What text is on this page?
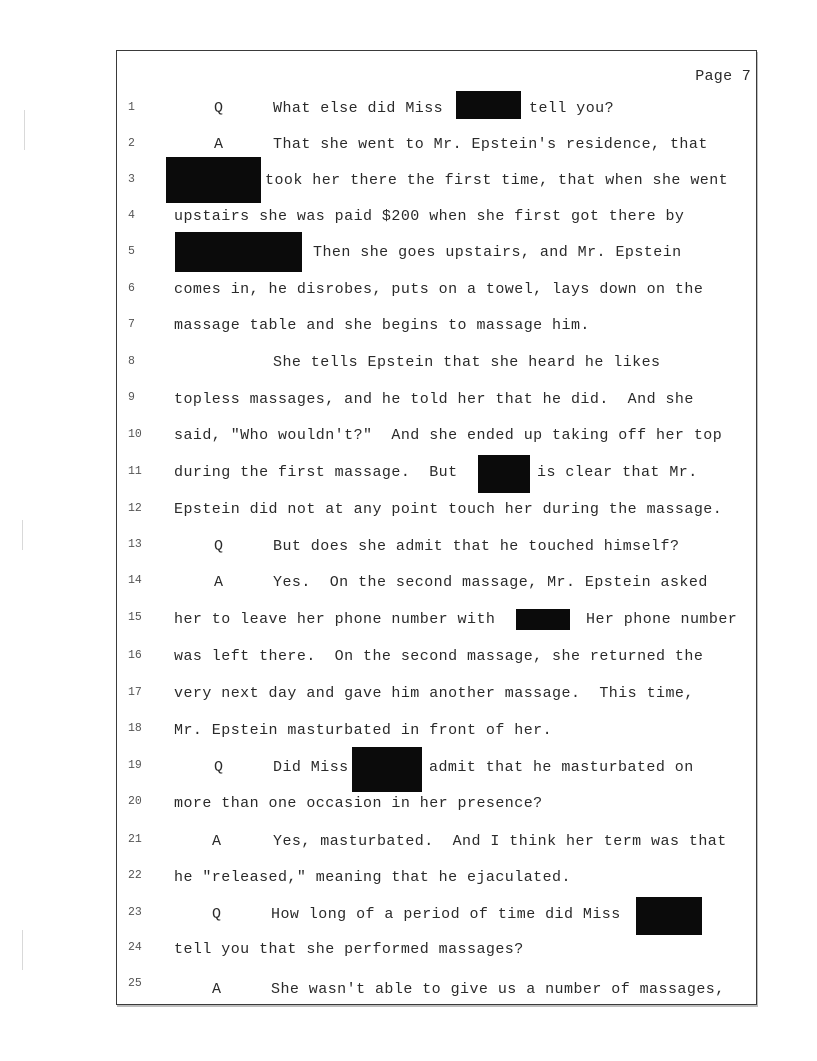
Page 7
1
2
3
4
5
6
7
8
9
10
11
12
13
14
15
16
17
18
19
20
21
22
23
24
25
Q	What else did Miss	tell you?
A	That she went to Mr. Epstein's residence, that
took her there the first time, that when she went
upstairs she was paid $200 when she first got there by
Then she goes upstairs, and Mr. Epstein
comes in, he disrobes, puts on a towel, lays down on the
massage table and she begins to massage him.
She tells Epstein that she heard he likes
topless massages, and he told her that he did.  And she
said, "Who wouldn't?"  And she ended up taking off her top
during the first massage.  But	is clear that Mr.
Epstein did not at any point touch her during the massage.
Q	But does she admit that he touched himself?
A	Yes.  On the second massage, Mr. Epstein asked
her to leave her phone number with	Her phone number
was left there.  On the second massage, she returned the
very next day and gave him another massage.  This time,
Mr. Epstein masturbated in front of her.
Q	Did Miss	admit that he masturbated on
more than one occasion in her presence?
A	Yes, masturbated.  And I think her term was that
he "released," meaning that he ejaculated.
Q	How long of a period of time did Miss
tell you that she performed massages?
A	She wasn't able to give us a number of massages,
